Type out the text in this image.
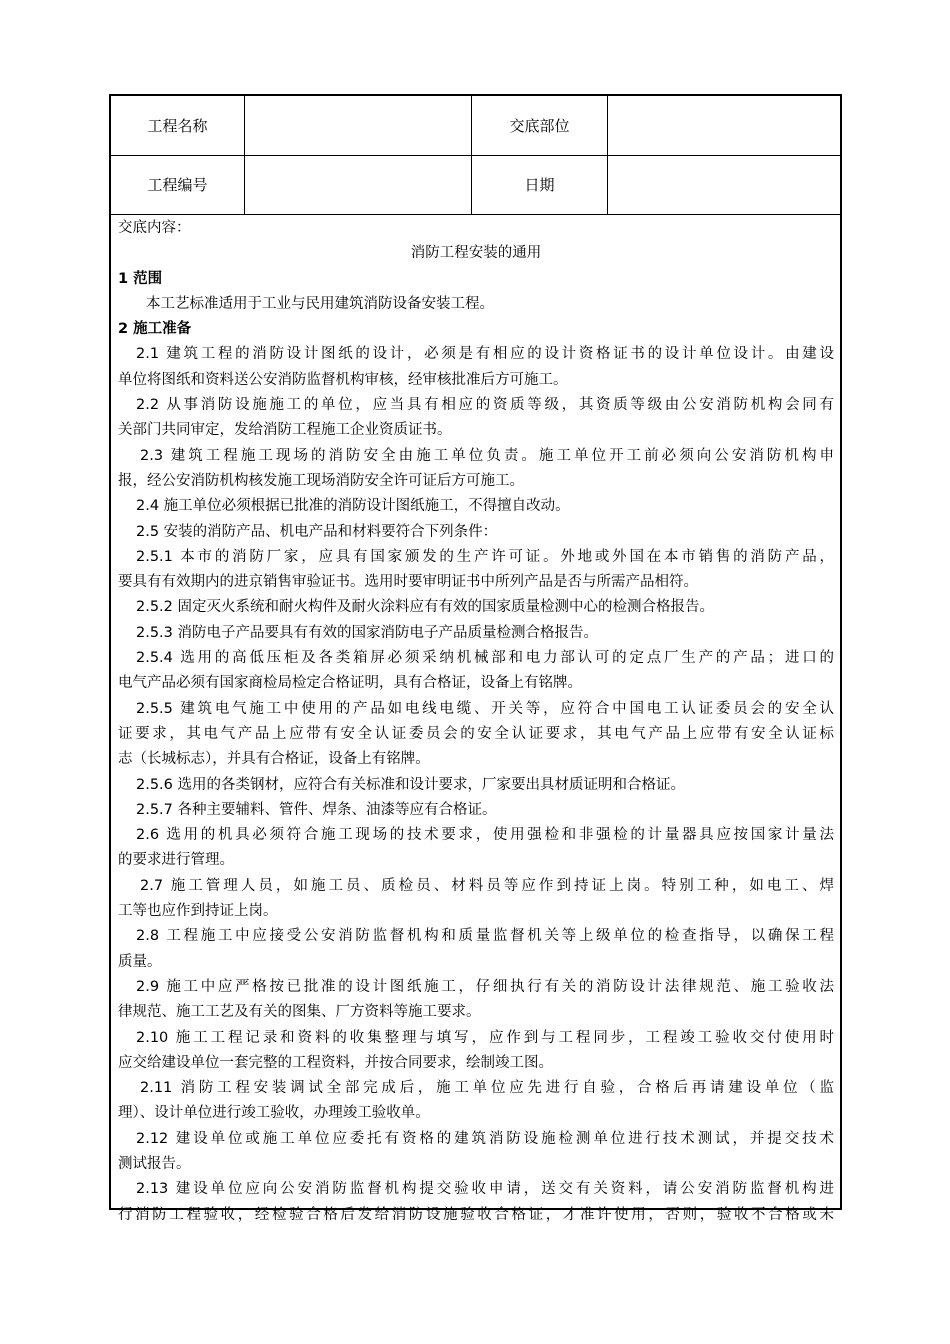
工程名称	交底部位
工程编号	日期
交底内容：
消防工程安装的通用
1 范围
本工艺标准适用于工业与民用建筑消防设备安装工程。
2 施工准备
2.1 建筑工程的消防设计图纸的设计，必须是有相应的设计资格证书的设计单位设计。由建设
单位将图纸和资料送公安消防监督机构审核，经审核批准后方可施工。
2.2 从事消防设施施工的单位，应当具有相应的资质等级，其资质等级由公安消防机构会同有
关部门共同审定，发给消防工程施工企业资质证书。
2.3 建筑工程施工现场的消防安全由施工单位负责。施工单位开工前必须向公安消防机构申
报，经公安消防机构核发施工现场消防安全许可证后方可施工。
2.4 施工单位必须根据已批准的消防设计图纸施工，不得擅自改动。
2.5 安装的消防产品、机电产品和材料要符合下列条件：
2.5.1 本市的消防厂家，应具有国家颁发的生产许可证。外地或外国在本市销售的消防产品，
要具有有效期内的进京销售审验证书。选用时要审明证书中所列产品是否与所需产品相符。
2.5.2 固定灭火系统和耐火构件及耐火涂料应有有效的国家质量检测中心的检测合格报告。
2.5.3 消防电子产品要具有有效的国家消防电子产品质量检测合格报告。
2.5.4 选用的高低压柜及各类箱屏必须采纳机械部和电力部认可的定点厂生产的产品；进口的
电气产品必须有国家商检局检定合格证明，具有合格证，设备上有铭牌。
2.5.5 建筑电气施工中使用的产品如电线电缆、开关等，应符合中国电工认证委员会的安全认
证要求，其电气产品上应带有安全认证委员会的安全认证要求，其电气产品上应带有安全认证标
志（长城标志），并具有合格证，设备上有铭牌。
2.5.6 选用的各类钢材，应符合有关标准和设计要求，厂家要出具材质证明和合格证。
2.5.7 各种主要辅料、管件、焊条、油漆等应有合格证。
2.6 选用的机具必须符合施工现场的技术要求，使用强检和非强检的计量器具应按国家计量法
的要求进行管理。
2.7 施工管理人员，如施工员、质检员、材料员等应作到持证上岗。特别工种，如电工、焊
工等也应作到持证上岗。
2.8 工程施工中应接受公安消防监督机构和质量监督机关等上级单位的检查指导，以确保工程
质量。
2.9 施工中应严格按已批准的设计图纸施工，仔细执行有关的消防设计法律规范、施工验收法
律规范、施工工艺及有关的图集、厂方资料等施工要求。
2.10 施工工程记录和资料的收集整理与填写，应作到与工程同步，工程竣工验收交付使用时
应交给建设单位一套完整的工程资料，并按合同要求，绘制竣工图。
2.11 消防工程安装调试全部完成后，施工单位应先进行自验，合格后再请建设单位（监
理）、设计单位进行竣工验收，办理竣工验收单。
2.12 建设单位或施工单位应委托有资格的建筑消防设施检测单位进行技术测试，并提交技术
测试报告。
2.13 建设单位应向公安消防监督机构提交验收申请，送交有关资料，请公安消防监督机构进
行消防工程验收，经检验合格后发给消防设施验收合格证，才准许使用，否则，验收不合格或未
